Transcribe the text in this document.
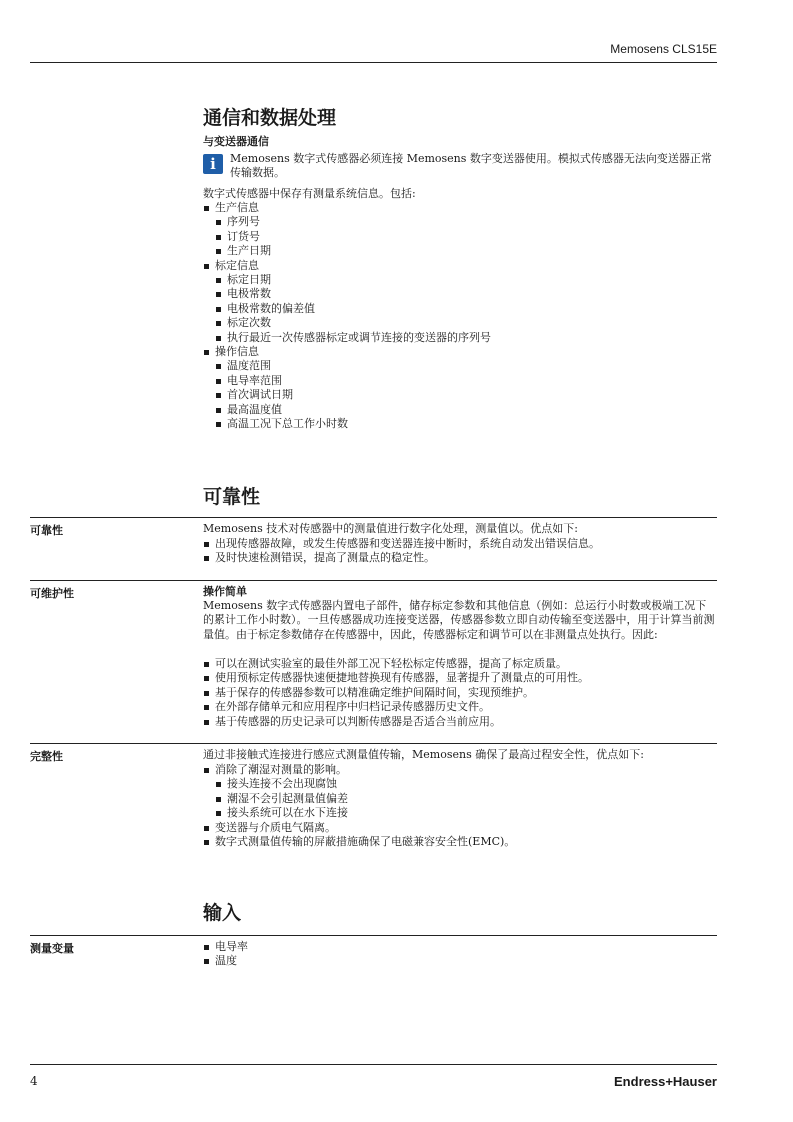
Memosens CLS15E
通信和数据处理
与变送器通信
i	Memosens 数字式传感器必须连接 Memosens 数字变送器使用。模拟式传感器无法向变送器正常传输数据。
数字式传感器中保存有测量系统信息。包括:
生产信息
序列号
订货号
生产日期
标定信息
标定日期
电极常数
电极常数的偏差值
标定次数
执行最近一次传感器标定或调节连接的变送器的序列号
操作信息
温度范围
电导率范围
首次调试日期
最高温度值
高温工况下总工作小时数
可靠性
可靠性	Memosens 技术对传感器中的测量值进行数字化处理，测量值以。优点如下:
出现传感器故障，或发生传感器和变送器连接中断时，系统自动发出错误信息。
及时快速检测错误，提高了测量点的稳定性。
可维护性	操作简单
Memosens 数字式传感器内置电子部件，储存标定参数和其他信息（例如：总运行小时数或极端工况下的累计工作小时数）。一旦传感器成功连接变送器，传感器参数立即自动传输至变送器中，用于计算当前测量值。由于标定参数储存在传感器中，因此，传感器标定和调节可以在非测量点处执行。因此:
可以在测试实验室的最佳外部工况下轻松标定传感器，提高了标定质量。
使用预标定传感器快速便捷地替换现有传感器，显著提升了测量点的可用性。
基于保存的传感器参数可以精准确定维护间隔时间，实现预维护。
在外部存储单元和应用程序中归档记录传感器历史文件。
基于传感器的历史记录可以判断传感器是否适合当前应用。
完整性	通过非接触式连接进行感应式测量值传输，Memosens 确保了最高过程安全性，优点如下:
消除了潮湿对测量的影响。
接头连接不会出现腐蚀
潮湿不会引起测量值偏差
接头系统可以在水下连接
变送器与介质电气隔离。
数字式测量值传输的屏蔽措施确保了电磁兼容安全性(EMC)。
输入
测量变量	电导率
温度
4	Endress+Hauser
